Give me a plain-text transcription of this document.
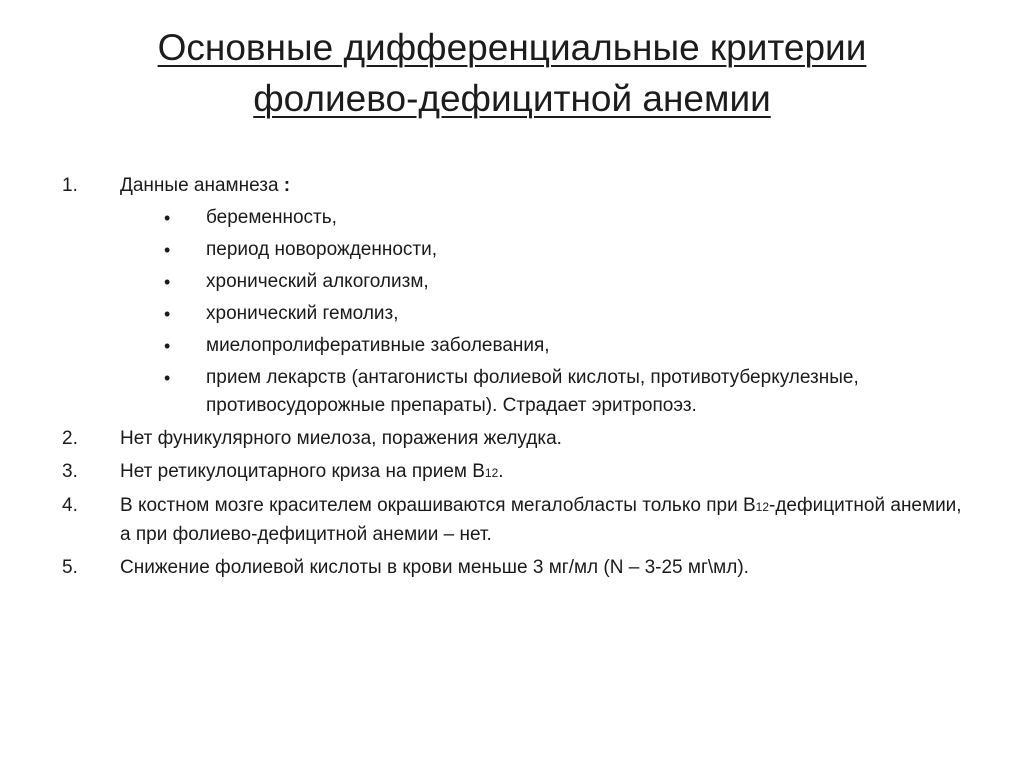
Основные дифференциальные критерии
фолиево-дефицитной анемии
1. Данные анамнеза :
• беременность,
• период новорожденности,
• хронический алкоголизм,
• хронический гемолиз,
• миелопролиферативные заболевания,
• прием лекарств (антагонисты фолиевой кислоты, противотуберкулезные, противосудорожные препараты). Страдает эритропоэз.
2. Нет фуникулярного миелоза, поражения желудка.
3. Нет ретикулоцитарного криза на прием В12.
4. В костном мозге красителем окрашиваются мегалобласты только при В12-дефицитной анемии, а при фолиево-дефицитной анемии – нет.
5. Снижение фолиевой кислоты в крови меньше 3 мг/мл (N – 3-25 мг\мл).
